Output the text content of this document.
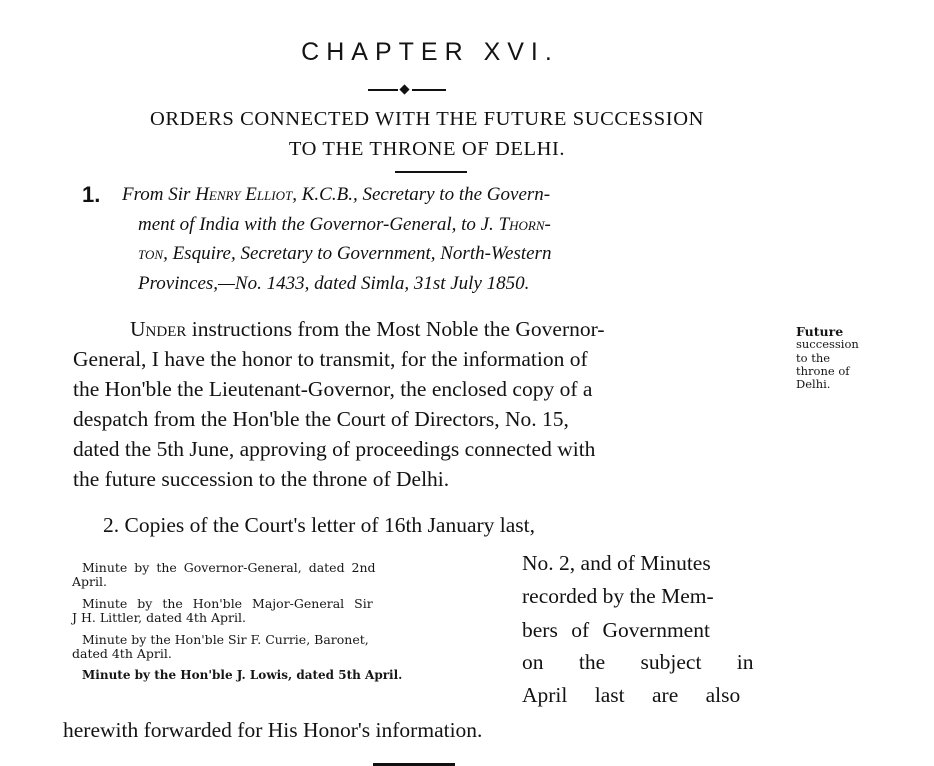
CHAPTER XVI.
ORDERS CONNECTED WITH THE FUTURE SUCCESSION
TO THE THRONE OF DELHI.
1. From Sir Henry Elliot, K.C.B., Secretary to the Govern-
ment of India with the Governor-General, to J. Thorn-
ton, Esquire, Secretary to Government, North-Western
Provinces,—No. 1433, dated Simla, 31st July 1850.
Under instructions from the Most Noble the Governor-
General, I have the honor to transmit, for the information of
the Hon'ble the Lieutenant-Governor, the enclosed copy of a
despatch from the Hon'ble the Court of Directors, No. 15,
dated the 5th June, approving of proceedings connected with
the future succession to the throne of Delhi.
Future
succession
to the
throne of
Delhi.
2. Copies of the Court's letter of 16th January last,
No. 2, and of Minutes
recorded by the Mem-
bers of Government
on the subject in
April last are also
Minute by the Governor-General, dated 2nd
April.
Minute by the Hon'ble Major-General Sir
J H. Littler, dated 4th April.
Minute by the Hon'ble Sir F. Currie, Baronet,
dated 4th April.
Minute by the Hon'ble J. Lowis, dated 5th April.
herewith forwarded for His Honor's information.
